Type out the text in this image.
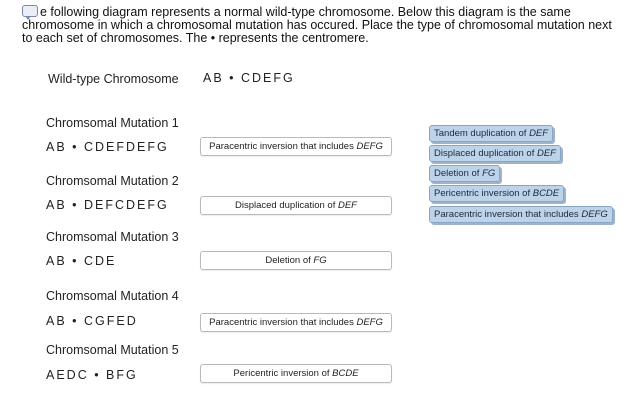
e following diagram represents a normal wild-type chromosome. Below this diagram is the same
chromosome in which a chromosomal mutation has occured. Place the type of chromosomal mutation next
to each set of chromosomes. The • represents the centromere.
Wild-type Chromosome AB • CDEFG
Chromsomal Mutation 1
AB • CDEFDEFG	Paracentric inversion that includes DEFG
Chromsomal Mutation 2
AB • DEFCDEFG	Displaced duplication of DEF
Chromsomal Mutation 3
AB • CDE	Deletion of FG
Chromsomal Mutation 4
AB • CGFED	Paracentric inversion that includes DEFG
Chromsomal Mutation 5
AEDC • BFG	Pericentric inversion of BCDE
Tandem duplication of DEF
Displaced duplication of DEF
Deletion of FG
Pericentric inversion of BCDE
Paracentric inversion that includes DEFG
